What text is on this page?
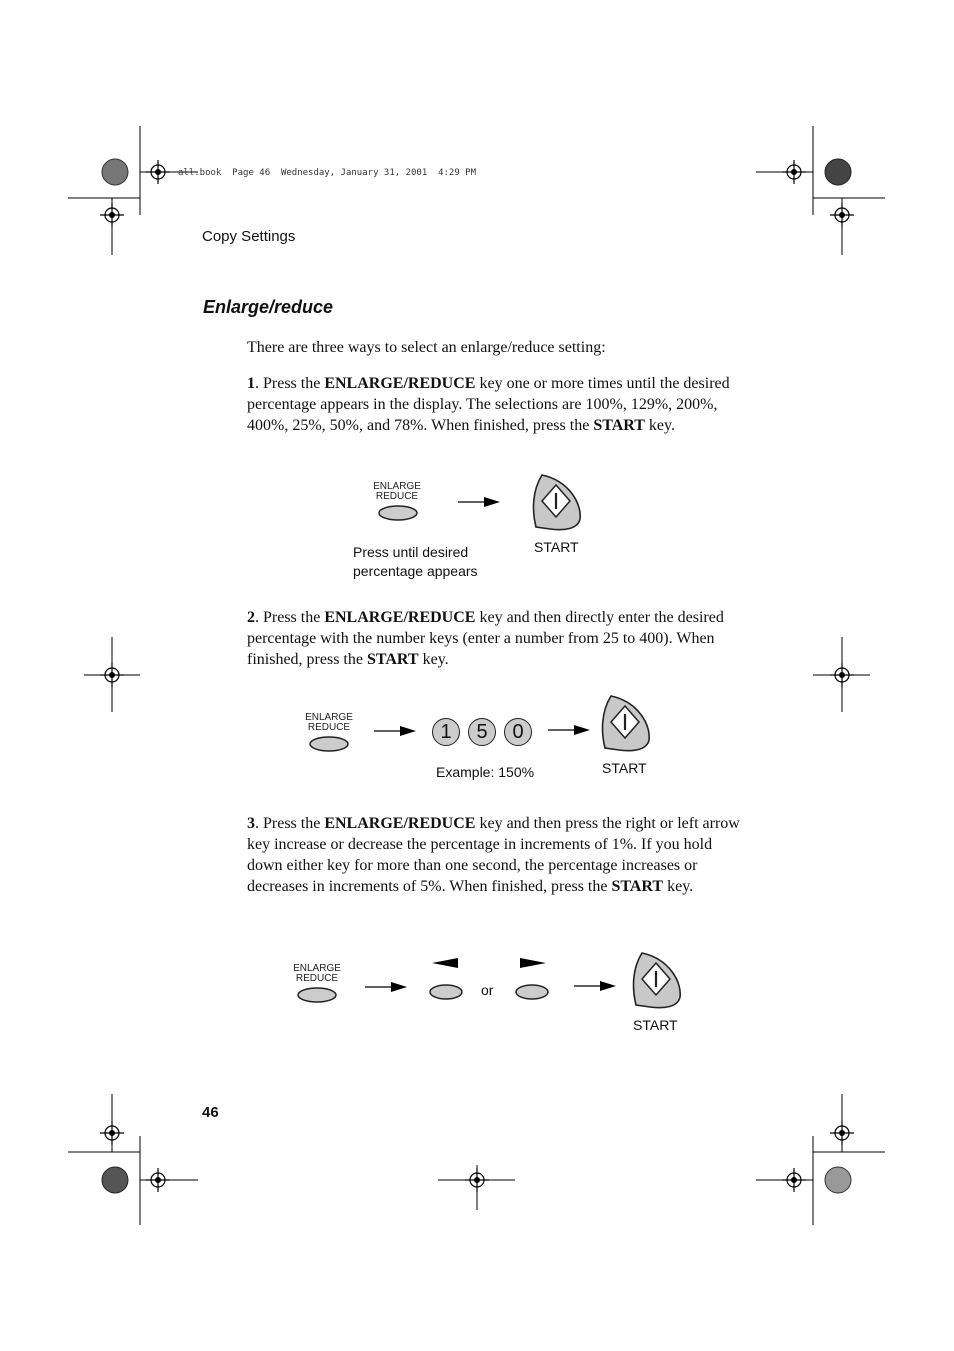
all.book  Page 46  Wednesday, January 31, 2001  4:29 PM
Copy Settings
Enlarge/reduce
There are three ways to select an enlarge/reduce setting:
1. Press the ENLARGE/REDUCE key one or more times until the desired percentage appears in the display. The selections are 100%, 129%, 200%, 400%, 25%, 50%, and 78%. When finished, press the START key.
ENLARGE
REDUCE
START
Press until desired
percentage appears
2. Press the ENLARGE/REDUCE key and then directly enter the desired percentage with the number keys (enter a number from 25 to 400). When finished, press the START key.
ENLARGE
REDUCE	1	5	0
START
Example: 150%
3. Press the ENLARGE/REDUCE key and then press the right or left arrow key increase or decrease the percentage in increments of 1%. If you hold down either key for more than one second, the percentage increases or decreases in increments of 5%. When finished, press the START key.
ENLARGE
REDUCE
or
START
46
